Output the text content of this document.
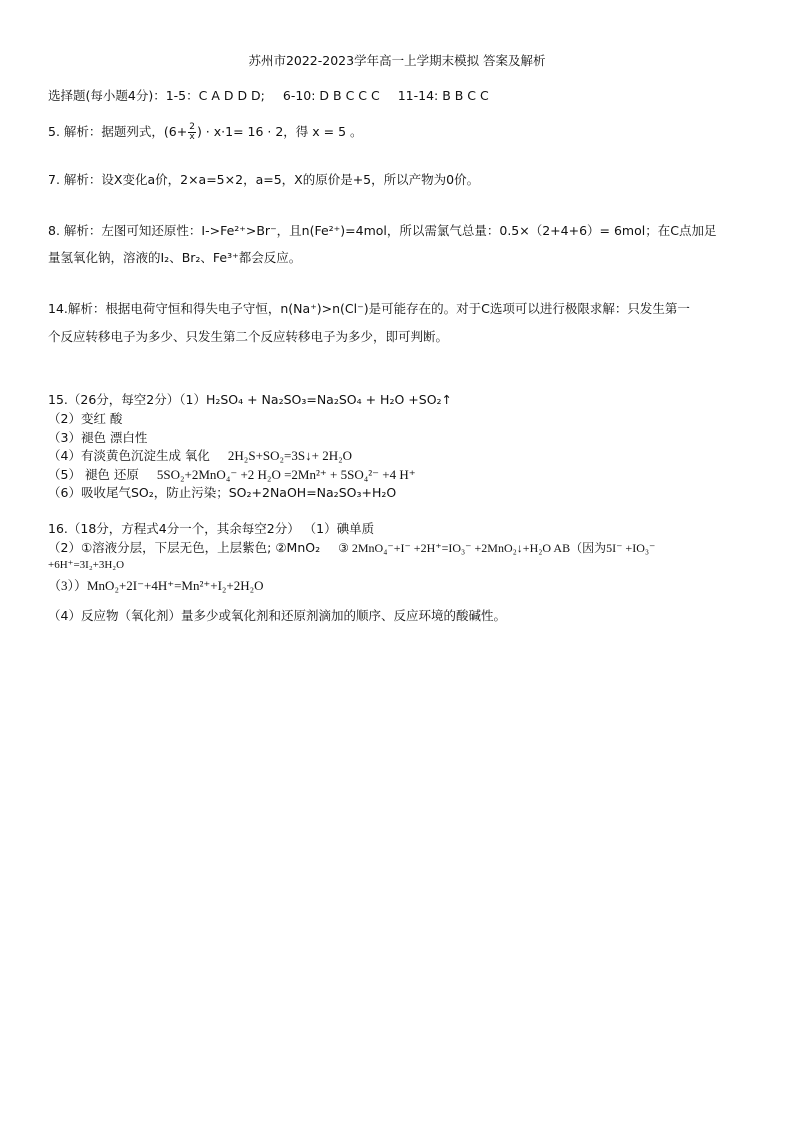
苏州市2022-2023学年高一上学期末模拟 答案及解析
选择题(每小题4分)：1-5：C A D D D; 6-10: D B C C C 11-14: B B C C
5. 解析：据题列式，($6+ \frac{2}{x}$ ) · x·1= 16 · 2，得 x = 5 。
7. 解析：设X变化a价，2×a=5×2，a=5，X的原价是+5，所以产物为0价。
8. 解析：左图可知还原性：I->Fe²⁺>Br⁻，且n(Fe²⁺)=4mol，所以需氯气总量：0.5×（2+4+6）= 6mol；在C点加足
量氢氧化钠，溶液的I₂、Br₂、Fe³⁺都会反应。
14.解析：根据电荷守恒和得失电子守恒，n(Na⁺)>n(Cl⁻)是可能存在的。对于C选项可以进行极限求解：只发生第一
个反应转移电子为多少、只发生第二个反应转移电子为多少，即可判断。
15.（26分，每空2分）（1）H₂SO₄ + Na₂SO₃=Na₂SO₄ + H₂O +SO₂↑
（2）变红 酸
（3）褪色 漂白性
（4）有淡黄色沉淀生成 氧化 2H₂S+SO₂=3S↓+ 2H₂O
（5） 褪色 还原 5SO₂+2MnO₄⁻ +2 H₂O =2Mn²⁺ + 5SO₄²⁻ +4 H⁺
（6）吸收尾气SO₂，防止污染；SO₂+2NaOH=Na₂SO₃+H₂O
16.（18分，方程式4分一个，其余每空2分） （1）碘单质
（2）①溶液分层，下层无色，上层紫色; ②MnO₂ ③ 2MnO₄⁻+I⁻ +2H⁺=IO₃⁻ +2MnO₂↓+H₂O AB（因为5I⁻ +IO₃⁻
+6H⁺=3I₂+3H₂O
（3））MnO₂+2I⁻+4H⁺=Mn²⁺+I₂+2H₂O
（4）反应物（氧化剂）量多少或氧化剂和还原剂滴加的顺序、反应环境的酸碱性。
